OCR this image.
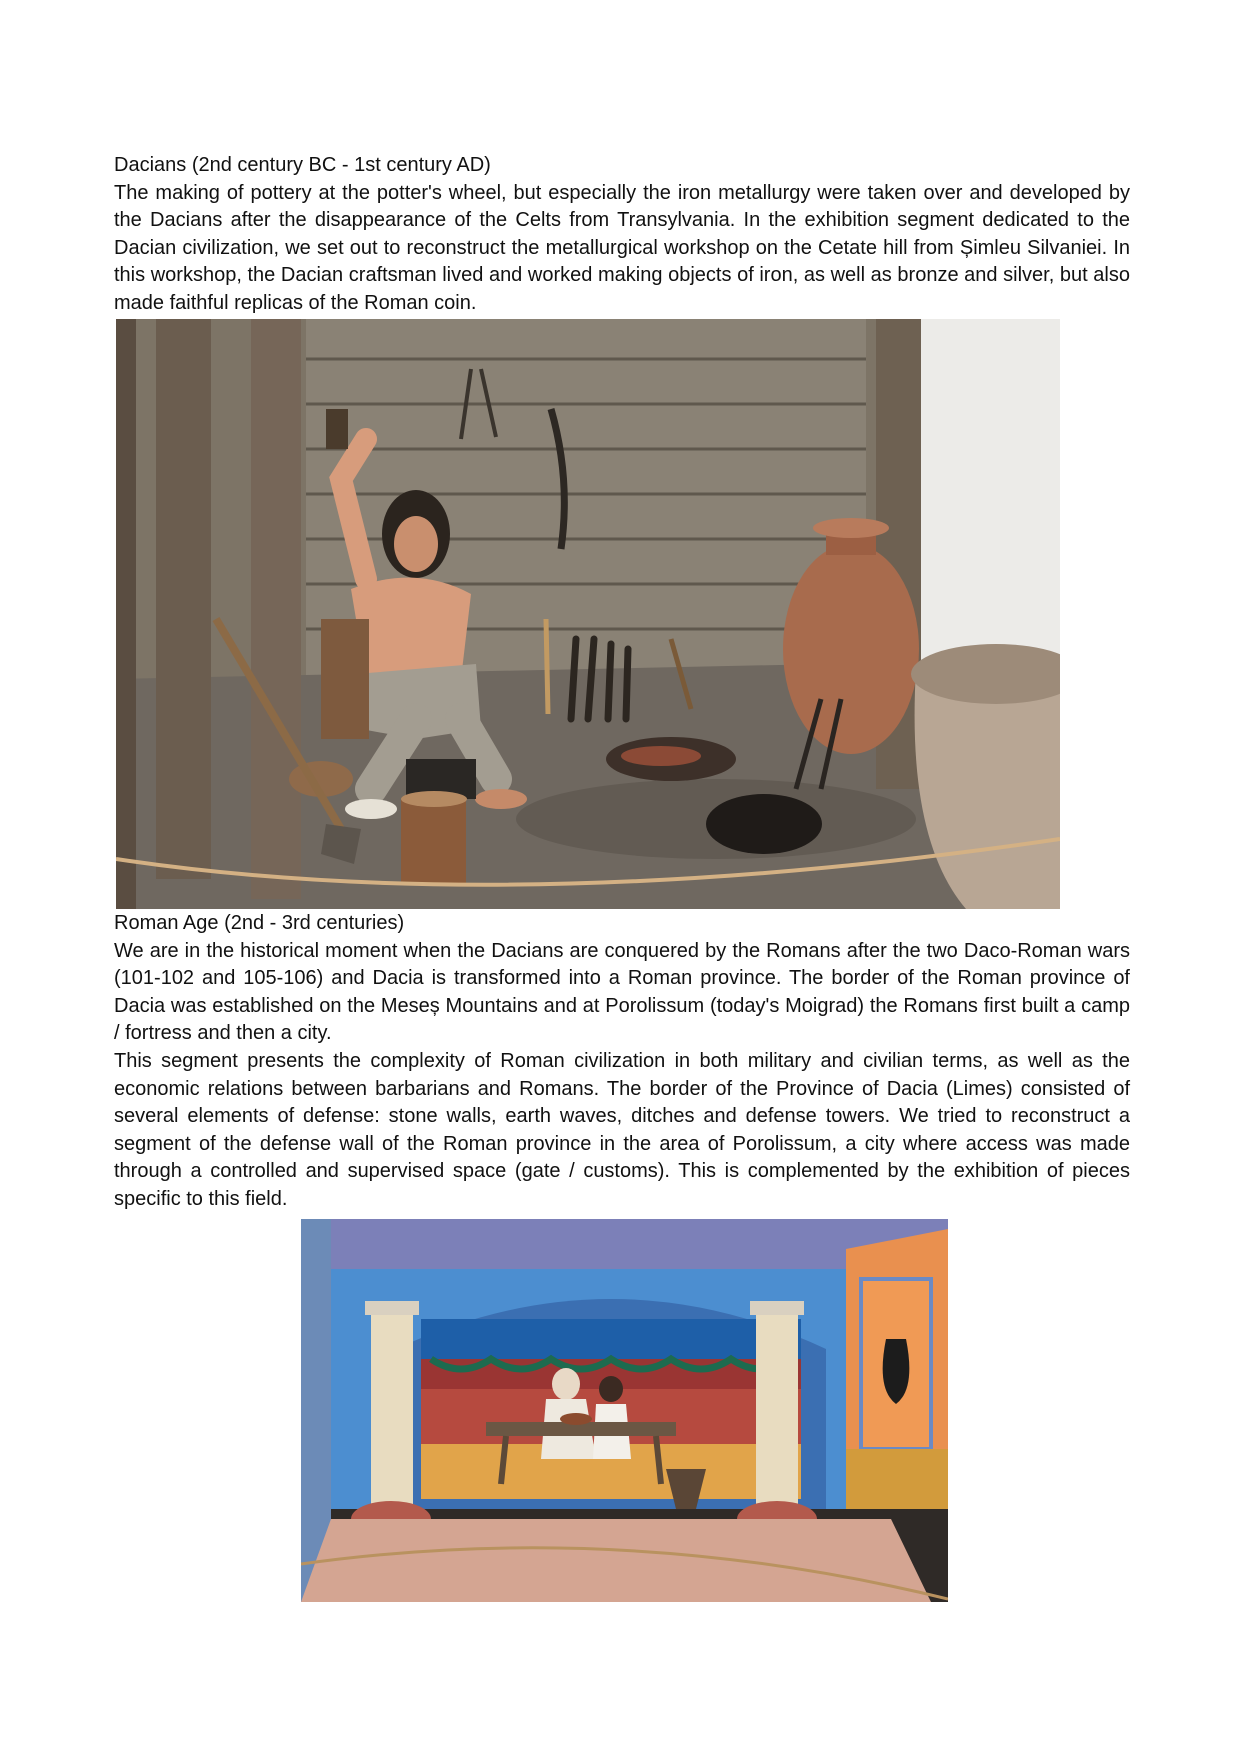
Dacians (2nd century BC - 1st century AD)

The making of pottery at the potter's wheel, but especially the iron metallurgy were taken over and developed by the Dacians after the disappearance of the Celts from Transylvania. In the exhibition segment dedicated to the Dacian civilization, we set out to reconstruct the metallurgical workshop on the Cetate hill from Șimleu Silvaniei. In this workshop, the Dacian craftsman lived and worked making objects of iron, as well as bronze and silver, but also made faithful replicas of the Roman coin.

Roman Age (2nd - 3rd centuries)

We are in the historical moment when the Dacians are conquered by the Romans after the two Daco-Roman wars (101-102 and 105-106) and Dacia is transformed into a Roman province. The border of the Roman province of Dacia was established on the Meseș Mountains and at Porolissum (today's Moigrad) the Romans first built a camp / fortress and then a city.

This segment presents the complexity of Roman civilization in both military and civilian terms, as well as the economic relations between barbarians and Romans. The border of the Province of Dacia (Limes) consisted of several elements of defense: stone walls, earth waves, ditches and defense towers. We tried to reconstruct a segment of the defense wall of the Roman province in the area of Porolissum, a city where access was made through a controlled and supervised space (gate / customs). This is complemented by the exhibition of pieces specific to this field.
